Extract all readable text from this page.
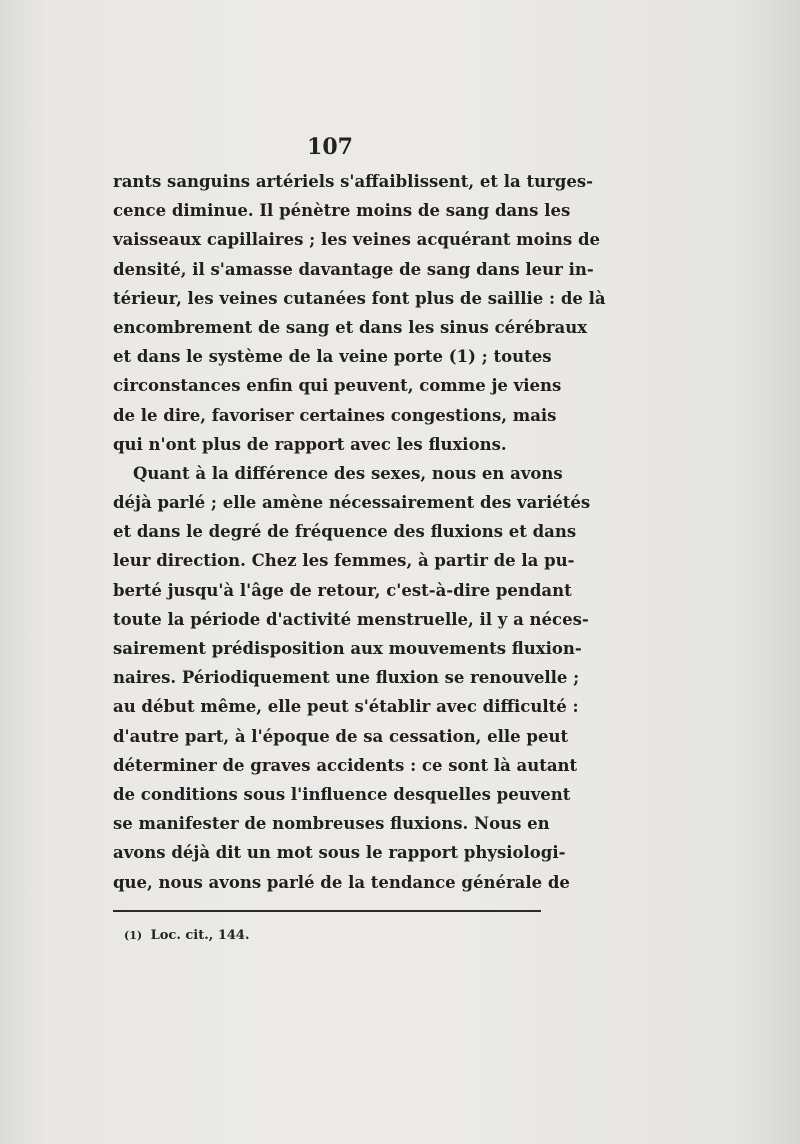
107
rants sanguins artériels s'affaiblissent, et la turges-
cence diminue. Il pénètre moins de sang dans les
vaisseaux capillaires ; les veines acquérant moins de
densité, il s'amasse davantage de sang dans leur in-
térieur, les veines cutanées font plus de saillie : de là
encombrement de sang et dans les sinus cérébraux
et dans le système de la veine porte (1) ; toutes
circonstances enfin qui peuvent, comme je viens
de le dire, favoriser certaines congestions, mais
qui n'ont plus de rapport avec les fluxions.
Quant à la différence des sexes, nous en avons
déjà parlé ; elle amène nécessairement des variétés
et dans le degré de fréquence des fluxions et dans
leur direction. Chez les femmes, à partir de la pu-
berté jusqu'à l'âge de retour, c'est-à-dire pendant
toute la période d'activité menstruelle, il y a néces-
sairement prédisposition aux mouvements fluxion-
naires. Périodiquement une fluxion se renouvelle ;
au début même, elle peut s'établir avec difficulté :
d'autre part, à l'époque de sa cessation, elle peut
déterminer de graves accidents : ce sont là autant
de conditions sous l'influence desquelles peuvent
se manifester de nombreuses fluxions. Nous en
avons déjà dit un mot sous le rapport physiologi-
que, nous avons parlé de la tendance générale de
(1) Loc. cit., 144.
